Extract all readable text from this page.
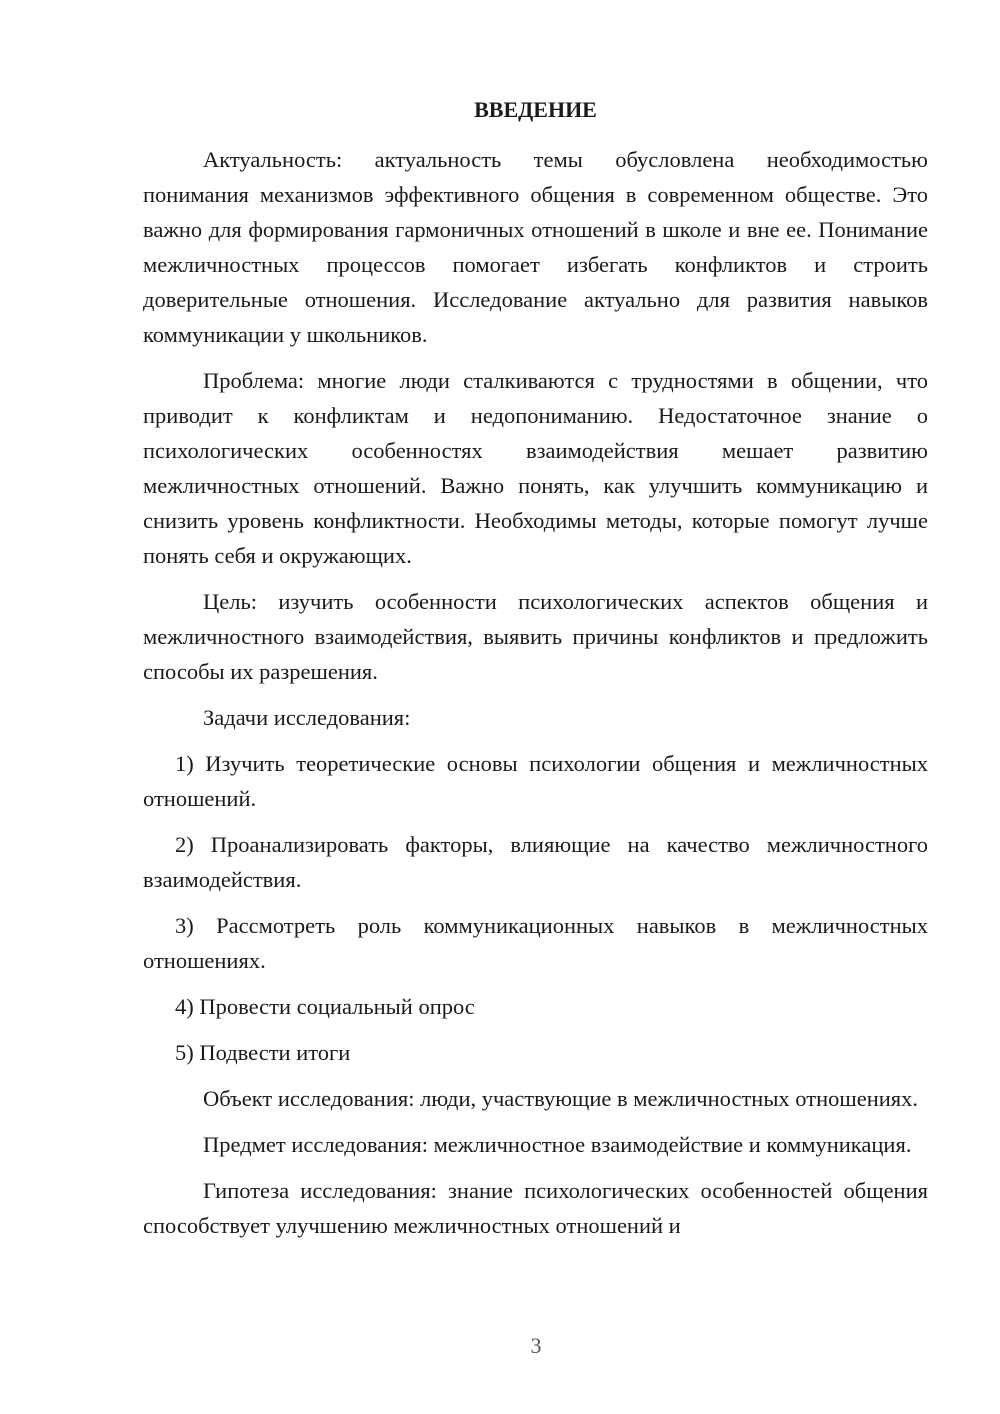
ВВЕДЕНИЕ

Актуальность: актуальность темы обусловлена необходимостью понимания механизмов эффективного общения в современном обществе. Это важно для формирования гармоничных отношений в школе и вне ее. Понимание межличностных процессов помогает избегать конфликтов и строить доверительные отношения. Исследование актуально для развития навыков коммуникации у школьников.

Проблема: многие люди сталкиваются с трудностями в общении, что приводит к конфликтам и недопониманию. Недостаточное знание о психологических особенностях взаимодействия мешает развитию межличностных отношений. Важно понять, как улучшить коммуникацию и снизить уровень конфликтности. Необходимы методы, которые помогут лучше понять себя и окружающих.

Цель: изучить особенности психологических аспектов общения и межличностного взаимодействия, выявить причины конфликтов и предложить способы их разрешения.

Задачи исследования:

1) Изучить теоретические основы психологии общения и межличностных отношений.

2) Проанализировать факторы, влияющие на качество межличностного взаимодействия.

3) Рассмотреть роль коммуникационных навыков в межличностных отношениях.

4) Провести социальный опрос

5) Подвести итоги

Объект исследования: люди, участвующие в межличностных отношениях.

Предмет исследования: межличностное взаимодействие и коммуникация.

Гипотеза исследования: знание психологических особенностей общения способствует улучшению межличностных отношений и

3
